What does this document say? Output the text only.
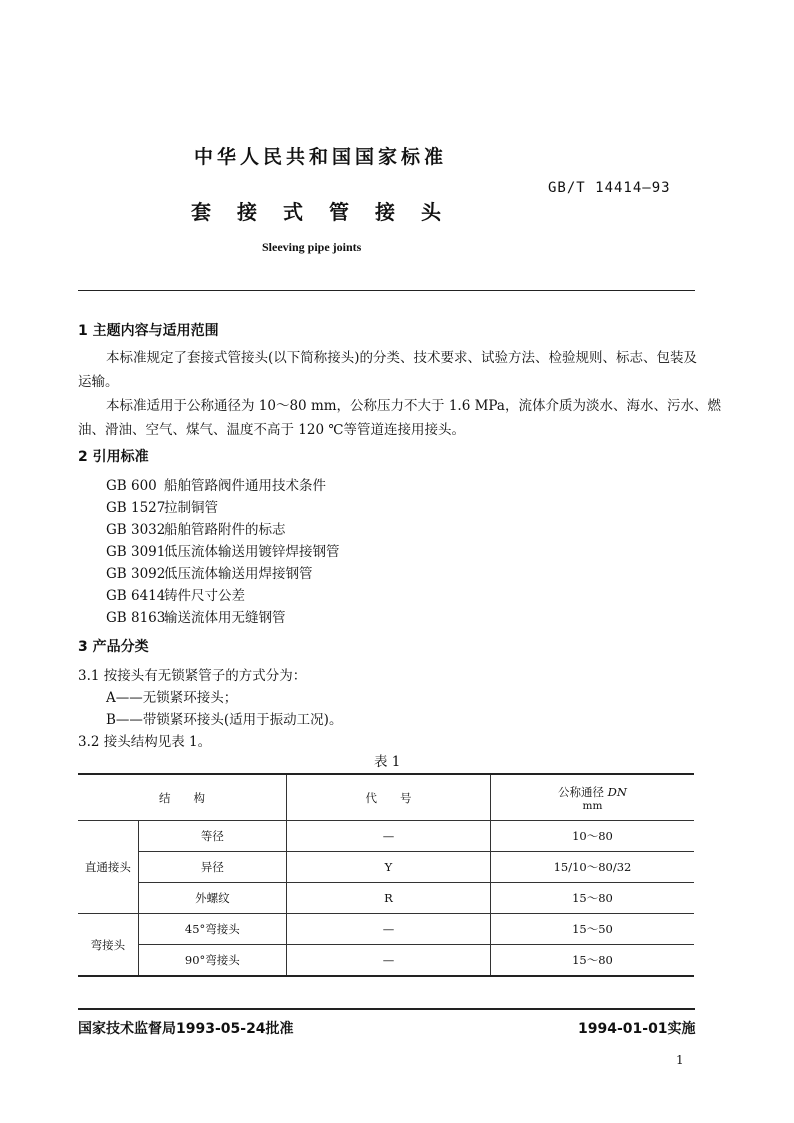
中华人民共和国国家标准
GB/T 14414—93
套接式管接头
Sleeving pipe joints
1 主题内容与适用范围
本标准规定了套接式管接头(以下简称接头)的分类、技术要求、试验方法、检验规则、标志、包装及
运输。
本标准适用于公称通径为 10～80 mm，公称压力不大于 1.6 MPa，流体介质为淡水、海水、污水、燃
油、滑油、空气、煤气、温度不高于 120 ℃等管道连接用接头。
2 引用标准
GB 600 船舶管路阀件通用技术条件
GB 1527拉制铜管
GB 3032船舶管路附件的标志
GB 3091低压流体输送用镀锌焊接钢管
GB 3092低压流体输送用焊接钢管
GB 6414铸件尺寸公差
GB 8163输送流体用无缝钢管
3 产品分类
3.1 按接头有无锁紧管子的方式分为：
A——无锁紧环接头；
B——带锁紧环接头(适用于振动工况)。
3.2 接头结构见表 1。
表 1
结　　构		代　　号	公称通径 DN
mm

直通接头	等径	—	10～80
	异径	Y	15/10～80/32
	外螺纹	R	15～80
弯接头	45°弯接头	—	15～50
	90°弯接头	—	15～80
国家技术监督局1993-05-24批准	1994-01-01实施
1
